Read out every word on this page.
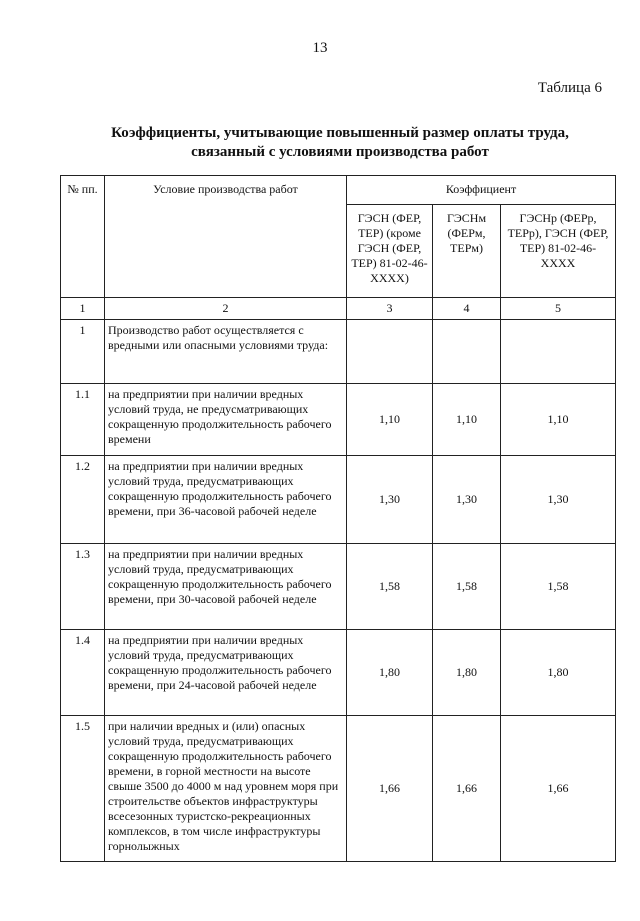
13
Таблица 6
Коэффициенты, учитывающие повышенный размер оплаты труда,
связанный с условиями производства работ
№ пп.	Условие производства работ	Коэффициент		
		ГЭСН (ФЕР, ТЕР) (кроме ГЭСН (ФЕР, ТЕР) 81-02-46-XXXX)	ГЭСНм (ФЕРм, ТЕРм)	ГЭСНр (ФЕРр, ТЕРр), ГЭСН (ФЕР, ТЕР) 81-02-46-XXXX
1	2	3	4	5
1	Производство работ осуществляется с вредными или опасными условиями труда:			
1.1	на предприятии при наличии вредных условий труда, не предусматривающих сокращенную продолжительность рабочего времени	1,10	1,10	1,10
1.2	на предприятии при наличии вредных условий труда, предусматривающих сокращенную продолжительность рабочего времени, при 36-часовой рабочей неделе	1,30	1,30	1,30
1.3	на предприятии при наличии вредных условий труда, предусматривающих сокращенную продолжительность рабочего времени, при 30-часовой рабочей неделе	1,58	1,58	1,58
1.4	на предприятии при наличии вредных условий труда, предусматривающих сокращенную продолжительность рабочего времени, при 24-часовой рабочей неделе	1,80	1,80	1,80
1.5	при наличии вредных и (или) опасных условий труда, предусматривающих сокращенную продолжительность рабочего времени, в горной местности на высоте свыше 3500 до 4000 м над уровнем моря при строительстве объектов инфраструктуры всесезонных туристско-рекреационных комплексов, в том числе инфраструктуры горнолыжных	1,66	1,66	1,66
